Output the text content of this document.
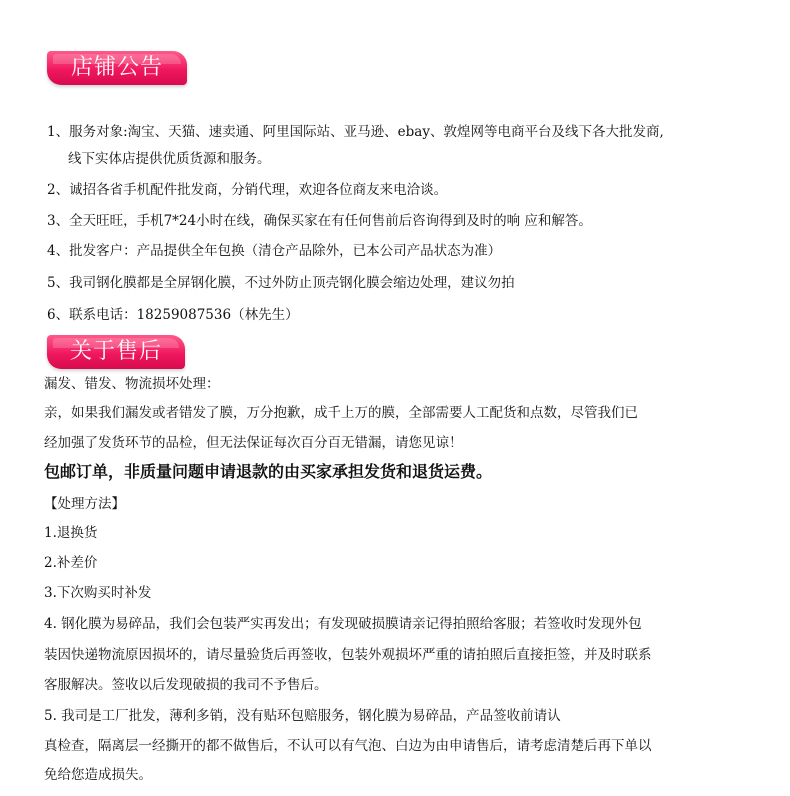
店铺公告
1、服务对象:淘宝、天猫、速卖通、阿里国际站、亚马逊、ebay、敦煌网等电商平台及线下各大批发商,
线下实体店提供优质货源和服务。
2、诚招各省手机配件批发商，分销代理，欢迎各位商友来电洽谈。
3、全天旺旺，手机7*24小时在线，确保买家在有任何售前后咨询得到及时的响 应和解答。
4、批发客户：产品提供全年包换（清仓产品除外，已本公司产品状态为准）
5、我司钢化膜都是全屏钢化膜，不过外防止顶壳钢化膜会缩边处理，建议勿拍
6、联系电话：18259087536（林先生）
关于售后
漏发、错发、物流损坏处理：
亲，如果我们漏发或者错发了膜，万分抱歉，成千上万的膜，全部需要人工配货和点数，尽管我们已
经加强了发货环节的品检，但无法保证每次百分百无错漏，请您见谅！
包邮订单，非质量问题申请退款的由买家承担发货和退货运费。
【处理方法】
1.退换货
2.补差价
3.下次购买时补发
4. 钢化膜为易碎品，我们会包装严实再发出；有发现破损膜请亲记得拍照给客服；若签收时发现外包
装因快递物流原因损坏的，请尽量验货后再签收，包装外观损坏严重的请拍照后直接拒签，并及时联系
客服解决。签收以后发现破损的我司不予售后。
5. 我司是工厂批发，薄利多销，没有贴环包赔服务，钢化膜为易碎品，产品签收前请认
真检查，隔离层一经撕开的都不做售后，不认可以有气泡、白边为由申请售后，请考虑清楚后再下单以
免给您造成损失。
